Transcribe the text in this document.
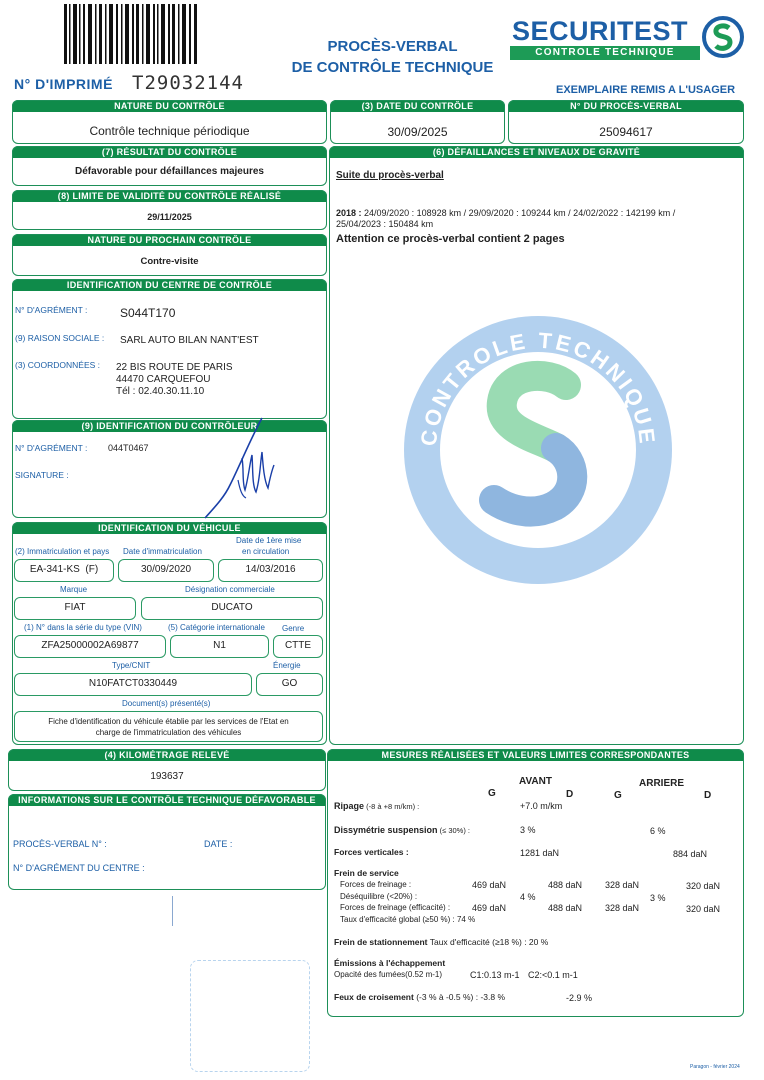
N° D'IMPRIMÉ T29032144
PROCÈS-VERBAL
DE CONTRÔLE TECHNIQUE
SECURITEST
CONTROLE TECHNIQUE
EXEMPLAIRE REMIS A L'USAGER
NATURE DU CONTRÔLE
Contrôle technique périodique
(3) DATE DU CONTRÔLE
30/09/2025
N° DU PROCÈS-VERBAL
25094617
(7) RÉSULTAT DU CONTRÔLE
Défavorable pour défaillances majeures
(8) LIMITE DE VALIDITÉ DU CONTRÔLE RÉALISÉ
29/11/2025
NATURE DU PROCHAIN CONTRÔLE
Contre-visite
IDENTIFICATION DU CENTRE DE CONTRÔLE
N° D'AGRÉMENT :	S044T170
(9) RAISON SOCIALE : SARL AUTO BILAN NANT'EST
(3) COORDONNÉES : 22 BIS ROUTE DE PARIS
44470 CARQUEFOU
Tél : 02.40.30.11.10
(9) IDENTIFICATION DU CONTRÔLEUR
N° D'AGRÉMENT : 044T0467
SIGNATURE :
IDENTIFICATION DU VÉHICULE
(2) Immatriculation et pays Date d'immatriculation
Date de 1ère mise
en circulation
EA-341-KS  (F)	30/09/2020	14/03/2016
Marque	Désignation commerciale
FIAT	DUCATO
(1) N° dans la série du type (VIN)	(5) Catégorie internationale Genre
ZFA25000002A69877	N1	CTTE
Type/CNIT	Énergie
N10FATCT0330449	GO
Document(s) présenté(s)
Fiche d'identification du véhicule établie par les services de l'Etat en
charge de l'immatriculation des véhicules
(4) KILOMÉTRAGE RELEVÉ
193637
INFORMATIONS SUR LE CONTRÔLE TECHNIQUE DÉFAVORABLE
PROCÈS-VERBAL N° :	DATE :
N° D'AGRÉMENT DU CENTRE :
(6) DÉFAILLANCES ET NIVEAUX DE GRAVITÉ
Suite du procès-verbal
2018 : 24/09/2020 : 108928 km / 29/09/2020 : 109244 km / 24/02/2022 : 142199 km /
25/04/2023 : 150484 km
Attention ce procès-verbal contient 2 pages
CONTROLE TECHNIQUE
SECURITEST
MESURES RÉALISÉES ET VALEURS LIMITES CORRESPONDANTES
AVANT	ARRIERE
G	D	G	D
Ripage (-8 à +8 m/km) :	+7.0 m/km
Dissymétrie suspension (≤ 30%) :	3 %	6 %
Forces verticales :	1281 daN	884 daN
Frein de service
Forces de freinage :	469 daN	488 daN	328 daN	320 daN
Déséquilibre (<20%) :	4 %	3 %
Forces de freinage (efficacité) : 469 daN	488 daN	328 daN	320 daN
Taux d'efficacité global (≥50 %) : 74 %
Frein de stationnement Taux d'efficacité (≥18 %) : 20 %
Émissions à l'échappement
Opacité des fumées(0.52 m-1)	C1:0.13 m-1 C2:<0.1 m-1
Feux de croisement (-3 % à -0.5 %) : -3.8 %	-2.9 %
Paragon - février 2024
